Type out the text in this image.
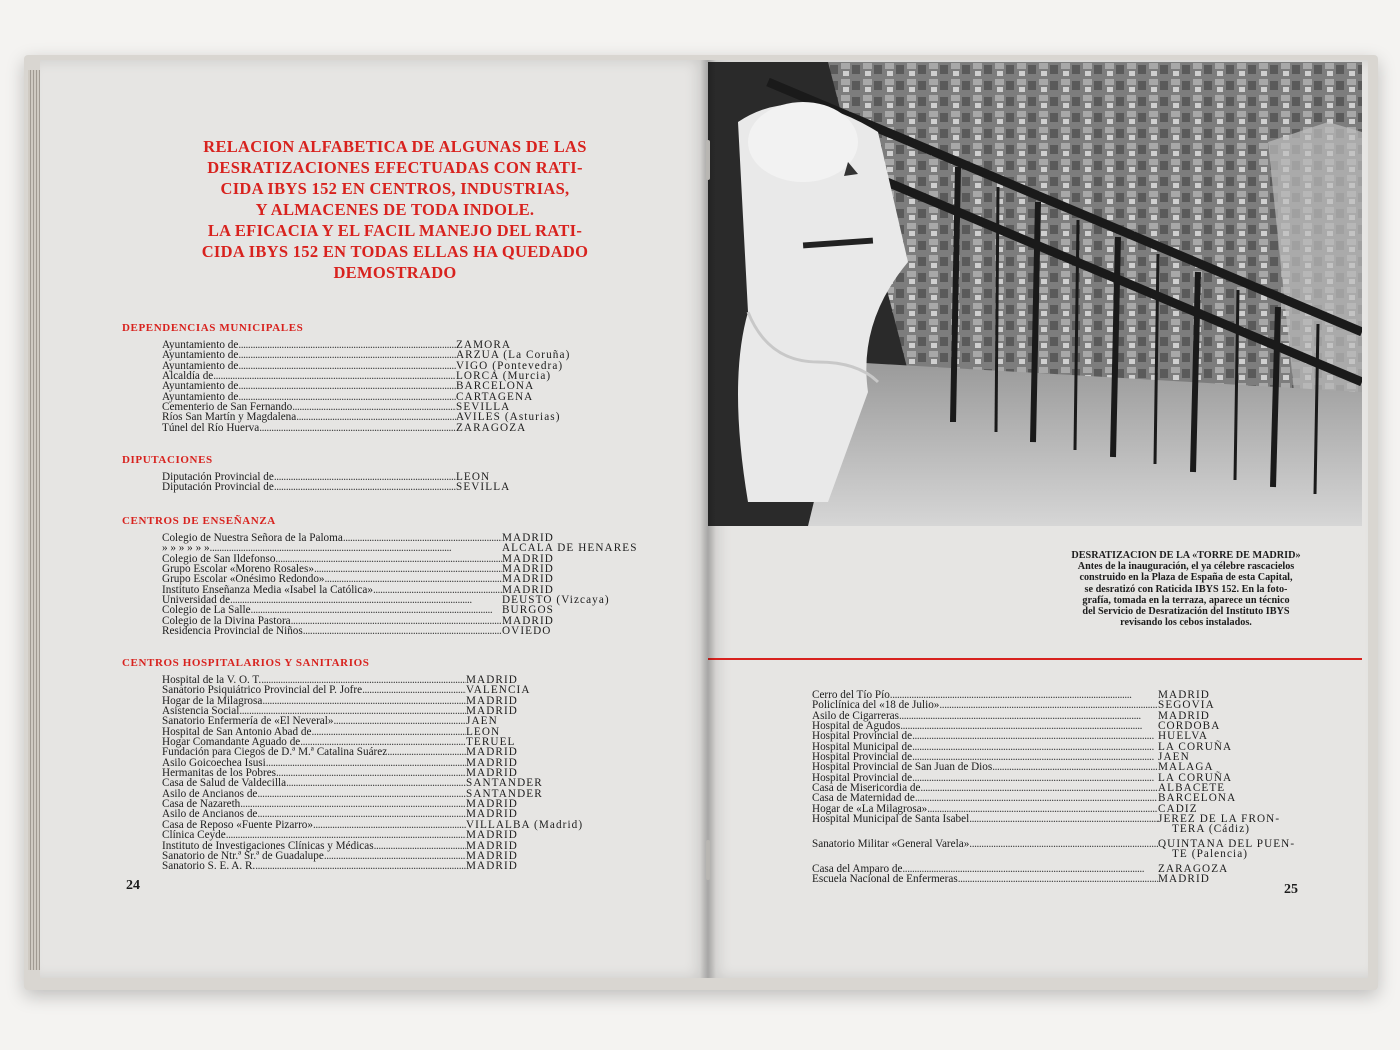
RELACION ALFABETICA DE ALGUNAS DE LAS
DESRATIZACIONES EFECTUADAS CON RATI-
CIDA IBYS 152 EN CENTROS, INDUSTRIAS,
Y ALMACENES DE TODA INDOLE.
LA EFICACIA Y EL FACIL MANEJO DEL RATI-
CIDA IBYS 152 EN TODAS ELLAS HA QUEDADO
DEMOSTRADO
DEPENDENCIAS MUNICIPALES
Ayuntamiento de . . .	ZAMORA
Ayuntamiento de . . .	ARZUA (La Coruña)
Ayuntamiento de . . .	VIGO (Pontevedra)
Alcaldía de . . .	LORCA (Murcia)
Ayuntamiento de . . .	BARCELONA
Ayuntamiento de . . .	CARTAGENA
Cementerio de San Fernando . . .	SEVILLA
Ríos San Martín y Magdalena . . .	AVILES (Asturias)
Túnel del Río Huerva . . .	ZARAGOZA
DIPUTACIONES
Diputación Provincial de . . .	LEON
Diputación Provincial de . . .	SEVILLA
CENTROS DE ENSEÑANZA
Colegio de Nuestra Señora de la Paloma . . .	MADRID
» » » » » » . . .	ALCALA DE HENARES
Colegio de San Ildefonso . . .	MADRID
Grupo Escolar «Moreno Rosales» . . .	MADRID
Grupo Escolar «Onésimo Redondo» . . .	MADRID
Instituto Enseñanza Media «Isabel la Católica» . . .	MADRID
Universidad de . . .	DEUSTO (Vizcaya)
Colegio de La Salle . . .	BURGOS
Colegio de la Divina Pastora . . .	MADRID
Residencia Provincial de Niños . . .	OVIEDO
CENTROS HOSPITALARIOS Y SANITARIOS
Hospital de la V. O. T. . . .	MADRID
Sanatorio Psiquiátrico Provincial del P. Jofre . . .	VALENCIA
Hogar de la Milagrosa . . .	MADRID
Asistencia Social . . .	MADRID
Sanatorio Enfermería de «El Neveral» . . .	JAEN
Hospital de San Antonio Abad de . . .	LEON
Hogar Comandante Aguado de . . .	TERUEL
Fundación para Ciegos de D.ª M.ª Catalina Suárez . . .	MADRID
Asilo Goicoechea Isusi . . .	MADRID
Hermanitas de los Pobres . . .	MADRID
Casa de Salud de Valdecilla . . .	SANTANDER
Asilo de Ancianos de . . .	SANTANDER
Casa de Nazareth . . .	MADRID
Asilo de Ancianos de . . .	MADRID
Casa de Reposo «Fuente Pizarro» . . .	VILLALBA (Madrid)
Clínica Ceyde . . .	MADRID
Instituto de Investigaciones Clínicas y Médicas . . .	MADRID
Sanatorio de Ntr.ª Sr.ª de Guadalupe . . .	MADRID
Sanatorio S. E. A. R. . . .	MADRID
24
DESRATIZACION DE LA «TORRE DE MADRID»
Antes de la inauguración, el ya célebre rascacielos
construido en la Plaza de España de esta Capital,
se desratizó con Raticida IBYS 152. En la foto-
grafía, tomada en la terraza, aparece un técnico
del Servicio de Desratización del Instituto IBYS
revisando los cebos instalados.
Cerro del Tío Pío . . .	MADRID
Policlínica del «18 de Julio» . . .	SEGOVIA
Asilo de Cigarreras . . .	MADRID
Hospital de Agudos . . .	CORDOBA
Hospital Provincial de . . .	HUELVA
Hospital Municipal de . . .	LA CORUÑA
Hospital Provincial de . . .	JAEN
Hospital Provincial de San Juan de Dios . . .	MALAGA
Hospital Provincial de . . .	LA CORUÑA
Casa de Misericordia de . . .	ALBACETE
Casa de Maternidad de . . .	BARCELONA
Hogar de «La Milagrosa» . . .	CADIZ
Hospital Municipal de Santa Isabel . . .	JEREZ DE LA FRON-
TERA (Cádiz)
Sanatorio Militar «General Varela» . . .	QUINTANA DEL PUEN-
TE (Palencia)
Casa del Amparo de . . .	ZARAGOZA
Escuela Nacional de Enfermeras . . .	MADRID
25
